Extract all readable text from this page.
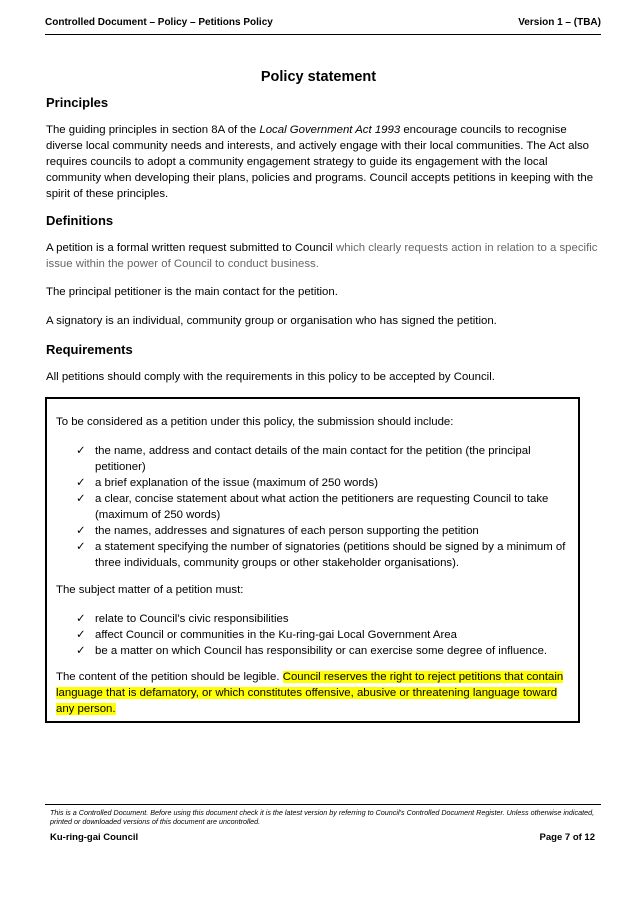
Controlled Document – Policy – Petitions Policy	Version 1 – (TBA)
Policy statement
Principles
The guiding principles in section 8A of the Local Government Act 1993 encourage councils to recognise diverse local community needs and interests, and actively engage with their local communities. The Act also requires councils to adopt a community engagement strategy to guide its engagement with the local community when developing their plans, policies and programs. Council accepts petitions in keeping with the spirit of these principles.
Definitions
A petition is a formal written request submitted to Council which clearly requests action in relation to a specific issue within the power of Council to conduct business.
The principal petitioner is the main contact for the petition.
A signatory is an individual, community group or organisation who has signed the petition.
Requirements
All petitions should comply with the requirements in this policy to be accepted by Council.
To be considered as a petition under this policy, the submission should include:
✓ the name, address and contact details of the main contact for the petition (the principal petitioner)
✓ a brief explanation of the issue (maximum of 250 words)
✓ a clear, concise statement about what action the petitioners are requesting Council to take (maximum of 250 words)
✓ the names, addresses and signatures of each person supporting the petition
✓ a statement specifying the number of signatories (petitions should be signed by a minimum of three individuals, community groups or other stakeholder organisations).
The subject matter of a petition must:
✓ relate to Council’s civic responsibilities
✓ affect Council or communities in the Ku-ring-gai Local Government Area
✓ be a matter on which Council has responsibility or can exercise some degree of influence.
The content of the petition should be legible. Council reserves the right to reject petitions that contain language that is defamatory, or which constitutes offensive, abusive or threatening language toward any person.
This is a Controlled Document. Before using this document check it is the latest version by referring to Council’s Controlled Document Register. Unless otherwise indicated, printed or downloaded versions of this document are uncontrolled.
Ku-ring-gai Council	Page 7 of 12
